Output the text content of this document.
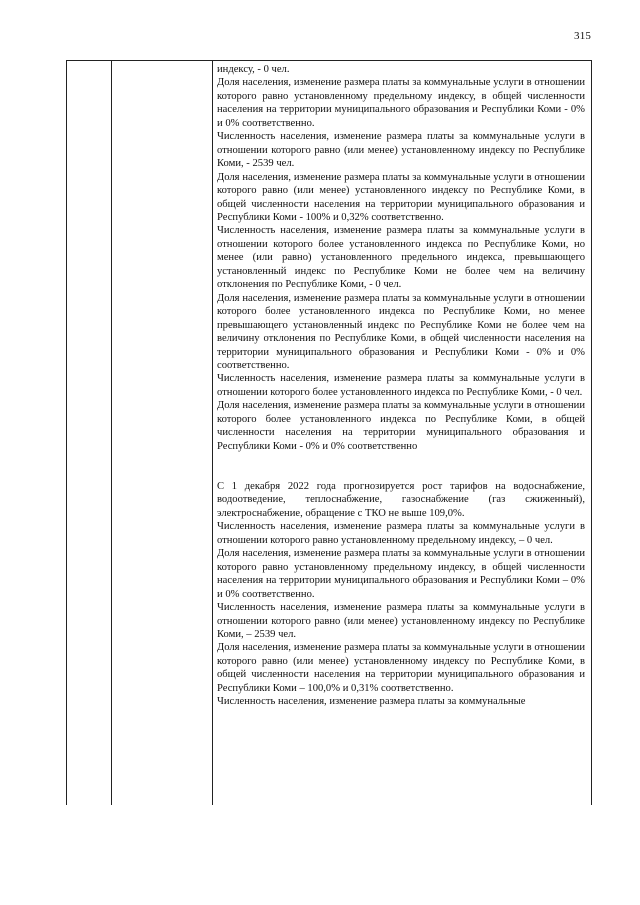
315

индексу, - 0 чел.

Доля населения, изменение размера платы за коммунальные услуги в отношении которого равно установленному предельному индексу, в общей численности населения на территории муниципального образования и Республики Коми - 0% и 0% соответственно.

Численность населения, изменение размера платы за коммунальные услуги в отношении которого равно (или менее) установленному индексу по Республике Коми, - 2539 чел.

Доля населения, изменение размера платы за коммунальные услуги в отношении которого равно (или менее) установленного индексу по Республике Коми, в общей численности населения на территории муниципального образования и Республики Коми - 100% и 0,32% соответственно.

Численность населения, изменение размера платы за коммунальные услуги в отношении которого более установленного индекса по Республике Коми, но менее (или равно) установленного предельного индекса, превышающего установленный индекс по Республике Коми не более чем на величину отклонения по Республике Коми, - 0 чел.

Доля населения, изменение размера платы за коммунальные услуги в отношении которого более установленного индекса по Республике Коми, но менее превышающего установленный индекс по Республике Коми не более чем на величину отклонения по Республике Коми, в общей численности населения на территории муниципального образования и Республики Коми - 0% и 0% соответственно.

Численность населения, изменение размера платы за коммунальные услуги в отношении которого более установленного индекса по Республике Коми, - 0 чел.

Доля населения, изменение размера платы за коммунальные услуги в отношении которого более установленного индекса по Республике Коми, в общей численности населения на территории муниципального образования и Республики Коми - 0% и 0% соответственно

С 1 декабря 2022 года прогнозируется рост тарифов на водоснабжение, водоотведение, теплоснабжение, газоснабжение (газ сжиженный), электроснабжение, обращение с ТКО не выше 109,0%.

Численность населения, изменение размера платы за коммунальные услуги в отношении которого равно установленному предельному индексу, – 0 чел.

Доля населения, изменение размера платы за коммунальные услуги в отношении которого равно установленному предельному индексу, в общей численности населения на территории муниципального образования и Республики Коми – 0% и 0% соответственно.

Численность населения, изменение размера платы за коммунальные услуги в отношении которого равно (или менее) установленному индексу по Республике Коми, – 2539 чел.

Доля населения, изменение размера платы за коммунальные услуги в отношении которого равно (или менее) установленному индексу по Республике Коми, в общей численности населения на территории муниципального образования и Республики Коми – 100,0% и 0,31% соответственно.

Численность населения, изменение размера платы за коммунальные
